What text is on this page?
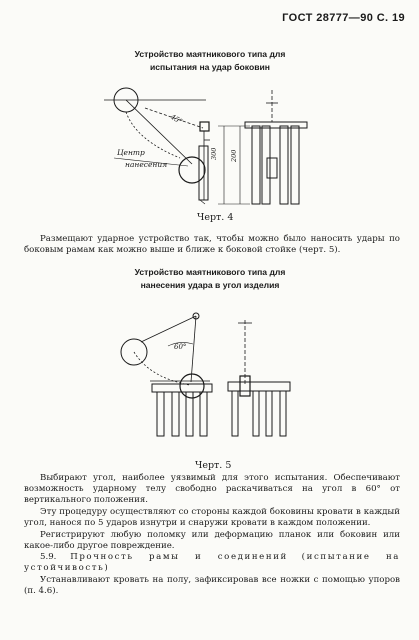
ГОСТ 28777—90 С. 19
Устройство маятникового типа для
испытания на удар боковин
45°
300 200
Центр
нанесения
Черт. 4

Размещают ударное устройство так, чтобы можно было наносить удары по боковым рамам как можно выше и ближе к боковой стойке (черт. 5).

Устройство маятникового типа для
нанесения удара в угол изделия
60°
Черт. 5

Выбирают угол, наиболее уязвимый для этого испытания. Обеспечивают возможность ударному телу свободно раскачиваться на угол в 60° от вертикального положения.

Эту процедуру осуществляют со стороны каждой боковины кровати в каждый угол, нанося по 5 ударов изнутри и снаружи кровати в каждом положении.

Регистрируют любую поломку или деформацию планок или боковин или какое-либо другое повреждение.

5.9. Прочность рамы и соединений (испытание на устойчивость)

Устанавливают кровать на полу, зафиксировав все ножки с помощью упоров (п. 4.6).
